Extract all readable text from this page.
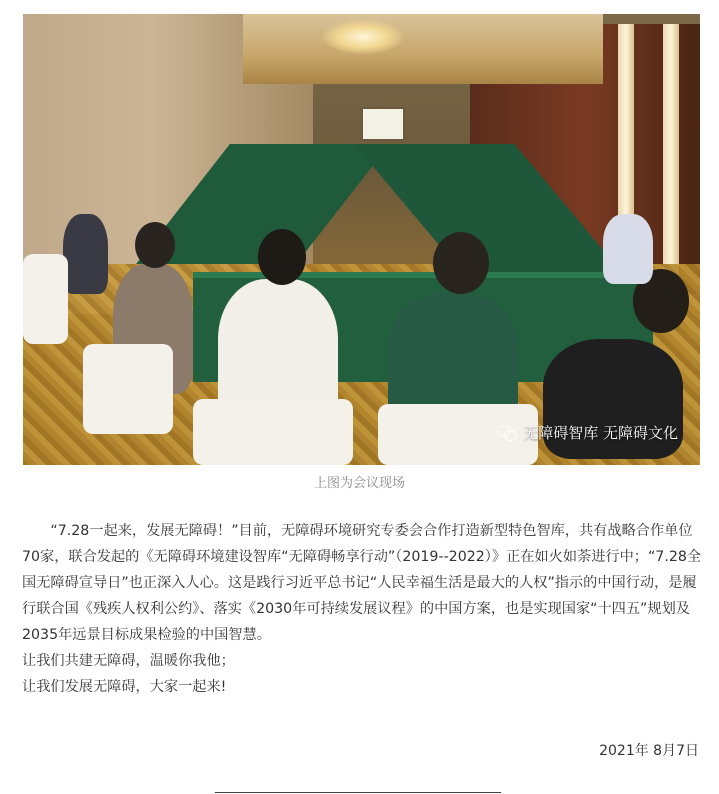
无障碍智库 无障碍文化
上图为会议现场

“7.28一起来，发展无障碍！”目前，无障碍环境研究专委会合作打造新型特色智库，共有战略合作单位70家，联合发起的《无障碍环境建设智库“无障碍畅享行动”（2019--2022）》正在如火如荼进行中；“7.28全国无障碍宣导日”也正深入人心。这是践行习近平总书记“人民幸福生活是最大的人权”指示的中国行动，是履行联合国《残疾人权利公约》、落实《2030年可持续发展议程》的中国方案，也是实现国家“十四五”规划及2035年远景目标成果检验的中国智慧。

让我们共建无障碍，温暖你我他；

让我们发展无障碍，大家一起来!

2021年 8月7日
____________________________________________
